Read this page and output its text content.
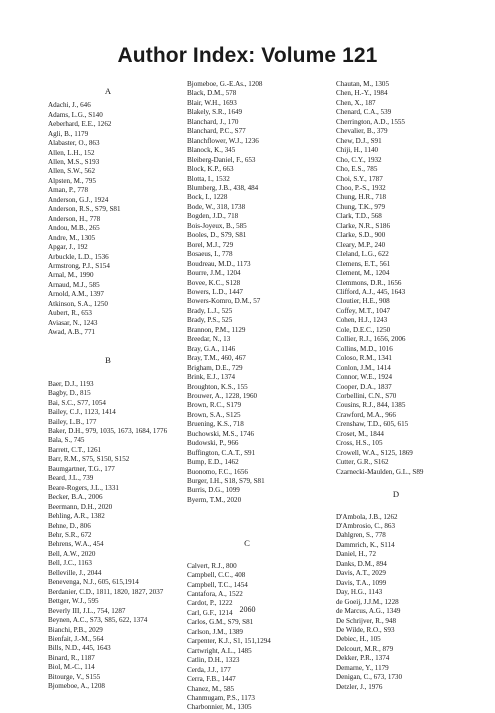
Author Index: Volume 121
A
Adachi, J., 646
Adams, L.G., S140
Aeberhard, E.E., 1262
Agli, B., 1179
Alabaster, O., 863
Allen, L.H., 152
Allen, M.S., S193
Allen, S.W., 562
Alpsten, M., 795
Aman, P., 778
Anderson, G.J., 1924
Anderson, R.S., S79, S81
Anderson, H., 778
Andou, M.B., 265
Andre, M., 1305
Apgar, J., 192
Arbuckle, L.D., 1536
Armstrong, P.J., S154
Arnal, M., 1990
Arnaud, M.J., 585
Arnold, A.M., 1397
Atkinson, S.A., 1250
Aubert, R., 653
Aviasar, N., 1243
Awad, A.B., 771
B
Baer, D.J., 1193
Bagby, D., 815
Bai, S.C., S77, 1054
Bailey, C.J., 1123, 1414
Bailey, L.B., 177
Baker, D.H., 979, 1035, 1673, 1684, 1776
Bala, S., 745
Barrett, C.T., 1261
Barr, R.M., S75, S150, S152
Baumgartner, T.G., 177
Beard, J.L., 739
Beare-Rogers, J.L., 1331
Becker, B.A., 2006
Beermann, D.H., 2020
Behling, A.R., 1382
Behne, D., 806
Behr, S.R., 672
Behrens, W.A., 454
Bell, A.W., 2020
Bell, J.C., 1163
Belleville, J., 2044
Benevenga, N.J., 605, 615,1914
Berdanier, C.D., 1811, 1820, 1827, 2037
Bettger, W.J., 595
Beverly III, J.L., 754, 1287
Beynen, A.C., S73, S85, 622, 1374
Bianchi, P.B., 2029
Bienfait, J.-M., 564
Bills, N.D., 445, 1643
Binard, R., 1187
Biol, M.-C., 114
Bitourge, V., S155
Bjomeboe, A., 1208
Bjomeboe, G.-E.As., 1208
Black, D.M., 578
Blair, W.H., 1693
Blakely, S.R., 1649
Blanchard, J., 170
Blanchard, P.C., S77
Blanchflower, W.J., 1236
Blanock, K., 345
Bleiberg-Daniel, F., 653
Block, K.P., 663
Blotta, I., 1532
Blumberg, J.B., 438, 484
Bock, I., 1228
Bode, W., 318, 1738
Bogden, J.D., 718
Bois-Joyeux, B., 585
Booles, D., S79, S81
Borel, M.J., 729
Bosaeus, I., 778
Boudreau, M.D., 1173
Bourre, J.M., 1204
Bovee, K.C., S128
Bowers, L.D., 1447
Bowers-Komro, D.M., 57
Brady, L.J., 525
Brady, P.S., 525
Brannon, P.M., 1129
Breedar, N., 13
Bray, G.A., 1146
Bray, T.M., 460, 467
Brigham, D.E., 729
Brink, E.J., 1374
Broughton, K.S., 155
Brouwer, A., 1228, 1960
Brown, R.C., S179
Brown, S.A., S125
Bruening, K.S., 718
Buchowski, M.S., 1746
Budowski, P., 966
Buffington, C.A.T., S91
Bump, E.D., 1462
Buonomo, F.C., 1656
Burger, I.H., S18, S79, S81
Burris, D.G., 1099
Byerm, T.M., 2020
C
Calvert, R.J., 800
Campbell, C.C., 408
Campbell, T.C., 1454
Cantafora, A., 1522
Cardot, P., 1222
Carl, G.F., 1214
Carlos, G.M., S79, S81
Carlson, J.M., 1389
Carpenter, K.J., S1, 151,1294
Cartwright, A.L., 1485
Catlin, D.H., 1323
Cerda, J.J., 177
Cerra, F.B., 1447
Chanez, M., 585
Chanmugam, P.S., 1173
Charbonnier, M., 1305
Chautan, M., 1305
Chen, H.-Y., 1984
Chen, X., 187
Chenard, C.A., 539
Cherrington, A.D., 1555
Chevalier, B., 379
Chew, D.J., S91
Chiji, H., 1140
Cho, C.Y., 1932
Cho, E.S., 785
Choi, S.Y., 1787
Choo, P.-S., 1932
Chung, H.R., 718
Chung, T.K., 979
Clark, T.D., 568
Clarke, N.R., S186
Clarke, S.D., 900
Cleary, M.P., 240
Cleland, L.G., 622
Clemens, E.T., 561
Clement, M., 1204
Clemmons, D.R., 1656
Clifford, A.J., 445, 1643
Cloutier, H.E., 908
Coffey, M.T., 1047
Cohen, H.J., 1243
Cole, D.E.C., 1250
Collier, R.J., 1656, 2006
Collins, M.D., 1016
Coloso, R.M., 1341
Conlon, J.M., 1414
Connor, W.E., 1924
Cooper, D.A., 1837
Corbellini, C.N., S70
Cousins, R.J., 844, 1385
Crawford, M.A., 966
Crenshaw, T.D., 605, 615
Croset, M., 1844
Cross, H.S., 105
Crowell, W.A., S125, 1869
Cutter, G.R., S162
Czarnecki-Maulden, G.L., S89
D
D'Ambola, J.B., 1262
D'Ambrosio, C., 863
Dahlgren, S., 778
Dammrich, K., S114
Daniel, H., 72
Danks, D.M., 894
Davis, A.T., 2029
Davis, T.A., 1099
Day, H.G., 1143
de Goeij, J.J.M., 1228
de Marcus, A.G., 1349
De Schrijver, R., 948
De Wilde, R.O., S93
Debiec, H., 105
Delcourt, M.R., 879
Dekker, P.R., 1374
Demarne, Y., 1179
Denigan, C., 673, 1730
Detzler, J., 1976
2060
